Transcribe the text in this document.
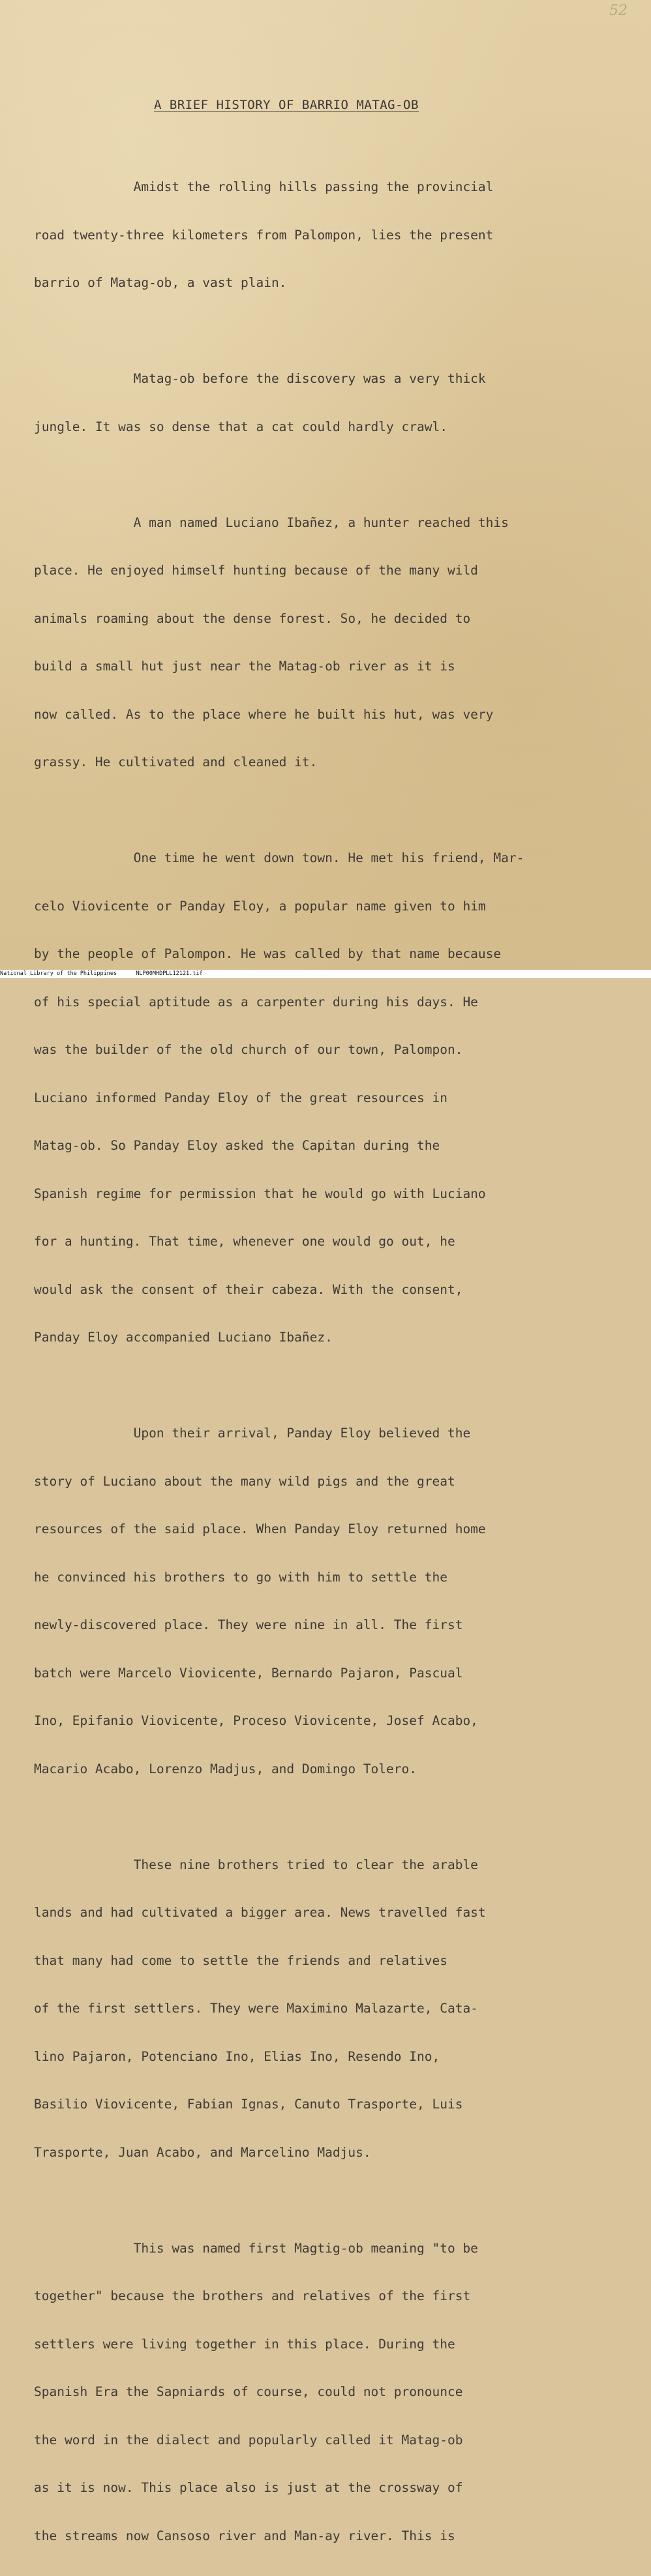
52
A BRIEF HISTORY OF BARRIO MATAG-OB

Amidst the rolling hills passing the provincial

road twenty-three kilometers from Palompon, lies the present

barrio of Matag-ob, a vast plain.

Matag-ob before the discovery was a very thick

jungle. It was so dense that a cat could hardly crawl.

A man named Luciano Ibañez, a hunter reached this

place. He enjoyed himself hunting because of the many wild

animals roaming about the dense forest. So, he decided to

build a small hut just near the Matag-ob river as it is

now called. As to the place where he built his hut, was very

grassy. He cultivated and cleaned it.

One time he went down town. He met his friend, Mar-

celo Viovicente or Panday Eloy, a popular name given to him

by the people of Palompon. He was called by that name because

of his special aptitude as a carpenter during his days. He

was the builder of the old church of our town, Palompon.

Luciano informed Panday Eloy of the great resources in

Matag-ob. So Panday Eloy asked the Capitan during the

Spanish regime for permission that he would go with Luciano

for a hunting. That time, whenever one would go out, he

would ask the consent of their cabeza. With the consent,

Panday Eloy accompanied Luciano Ibañez.

Upon their arrival, Panday Eloy believed the

story of Luciano about the many wild pigs and the great

resources of the said place. When Panday Eloy returned home

he convinced his brothers to go with him to settle the

newly-discovered place. They were nine in all. The first

batch were Marcelo Viovicente, Bernardo Pajaron, Pascual

Ino, Epifanio Viovicente, Proceso Viovicente, Josef Acabo,

Macario Acabo, Lorenzo Madjus, and Domingo Tolero.

These nine brothers tried to clear the arable

lands and had cultivated a bigger area. News travelled fast

that many had come to settle the friends and relatives

of the first settlers. They were Maximino Malazarte, Cata-

lino Pajaron, Potenciano Ino, Elias Ino, Resendo Ino,

Basilio Viovicente, Fabian Ignas, Canuto Trasporte, Luis

Trasporte, Juan Acabo, and Marcelino Madjus.

This was named first Magtig-ob meaning "to be

together" because the brothers and relatives of the first

settlers were living together in this place. During the

Spanish Era the Sapniards of course, could not pronounce

the word in the dialect and popularly called it Matag-ob

as it is now. This place also is just at the crossway of

the streams now Cansoso river and Man-ay river. This is

National Library of the Philippines	NLP00MHDPLL12121.tif
